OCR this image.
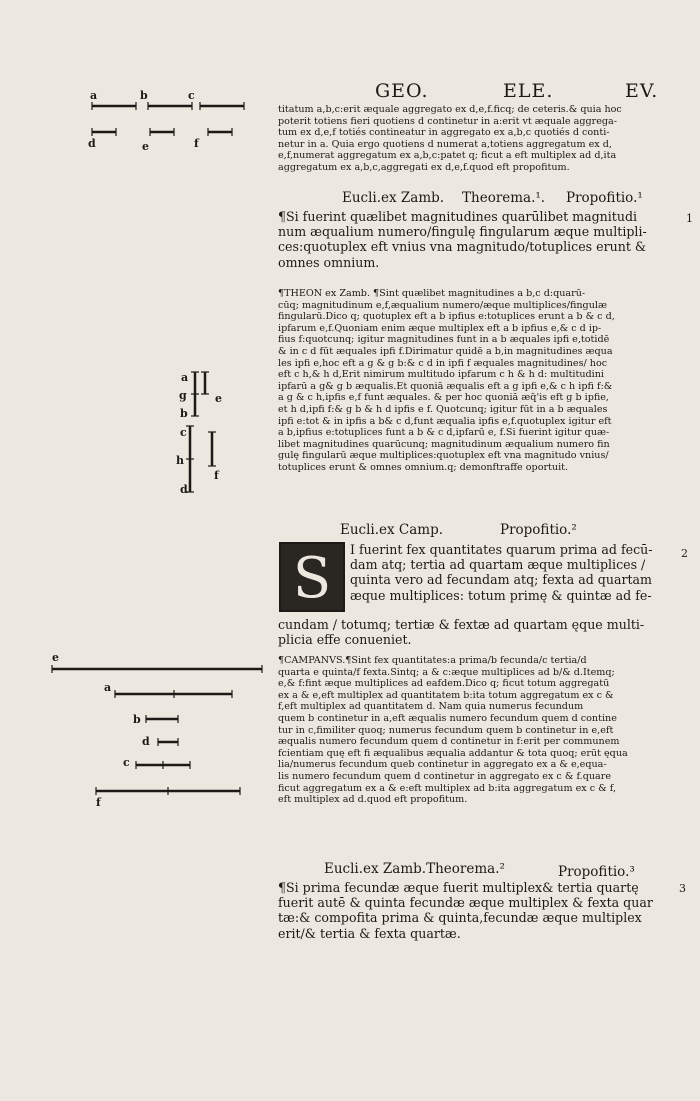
GEO.	ELE.	EV.
titatum a,b,c:erit æquale aggregato ex d,e,f.ficq; de ceteris.& quia hoc
poterit totiens fieri quotiens d continetur in a:erit vt æquale aggrega-
tum ex d,e,f totiés contineatur in aggregato ex a,b,c quotiés d conti-
netur in a. Quia ergo quotiens d numerat a,totiens aggregatum ex d,
e,f,numerat aggregatum ex a,b,c:patet q; ficut a eft multiplex ad d,ita
aggregatum ex a,b,c,aggregati ex d,e,f.quod eft propofitum.
Eucli.ex Zamb. Theorema.¹. Propofitio.¹
¶Si fuerint quælibet magnitudines quarūlibet magnitudi
num æqualium numero/fingulę fingularum æque multipli-
ces:quotuplex eft vnius vna magnitudo/totuplices erunt &
omnes omnium.
¶THEON ex Zamb. ¶Sint quælibet magnitudines a b,c d:quarū-
cūq; magnitudinum e,f,æqualium numero/æque multiplices/fingulæ
fingularū.Dico q; quotuplex eft a b ipfius e:totuplices erunt a b & c d,
ipfarum e,f.Quoniam enim æque multiplex eft a b ipfius e,& c d ip-
fius f:quotcunq; igitur magnitudines funt in a b æquales ipfi e,totidē
& in c d fūt æquales ipfi f.Dirimatur quidē a b,in magnitudines æqua
les ipfi e,hoc eft a g & g b:& c d in ipfi f æquales magnitudines/ hoc
eft c h,& h d,Erit nimirum multitudo ipfarum c h & h d: multitudini
ipfarū a g& g b æqualis.Et quoniā æqualis eft a g ipfi e,& c h ipfi f:&
a g & c h,ipfis e,f funt æquales. & per hoc quoniā æq̄'is eft g b ipfie,
et h d,ipfi f:& g b & h d ipfis e f. Quotcunq; igitur fūt in a b æquales
ipfi e:tot & in ipfis a b& c d,funt æqualia ipfis e,f.quotuplex igitur eft
a b,ipfius e:totuplices funt a b & c d,ipfarū e, f.Si fuerint igitur quæ-
libet magnitudines quarūcunq; magnitudinum æqualium numero fin
gulę fingularū æque multiplices:quotuplex eft vna magnitudo vnius/
totuplices erunt & omnes omnium.q; demonftraffe oportuit.
Eucli.ex Camp.	Propofitio.²
S	I fuerint fex quantitates quarum prima ad fecū-
dam atq; tertia ad quartam æque multiplices /
quinta vero ad fecundam atq; fexta ad quartam
æque multiplices: totum primę & quintæ ad fe-
cundam / totumq; tertiæ & fextæ ad quartam ęque multi-
plicia effe conueniet.
¶CAMPANVS.¶Sint fex quantitates:a prima/b fecunda/c tertia/d
quarta e quinta/f fexta.Sintq; a & c:æque multiplices ad b/& d.Itemq;
e,& f:fint æque multiplices ad eafdem.Dico q; ficut totum aggregatū
ex a & e,eft multiplex ad quantitatem b:ita totum aggregatum ex c &
f,eft multiplex ad quantitatem d. Nam quia numerus fecundum
quem b continetur in a,eft æqualis numero fecundum quem d contine
tur in c,fimiliter quoq; numerus fecundum quem b continetur in e,eft
æqualis numero fecundum quem d continetur in f:erit per communem
fcientiam quę eft fi æqualibus æqualia addantur & tota quoq; erūt ęqua
lia/numerus fecundum queb continetur in aggregato ex a & e,equa-
lis numero fecundum quem d continetur in aggregato ex c & f.quare
ficut aggregatum ex a & e:eft multiplex ad b:ita aggregatum ex c & f,
eft multiplex ad d.quod eft propofitum.
Eucli.ex Zamb.Theorema.²	Propofitio.³
¶Si prima fecundæ æque fuerit multiplex& tertia quartę
fuerit autē & quinta fecundæ æque multiplex & fexta quar
tæ:& compofita prima & quinta,fecundæ æque multiplex
erit/& tertia & fexta quartæ.
1
2
3
a	b	c
d	e	f
a
g	e
b
c
h
f
d
e
a
b
d
c
f
